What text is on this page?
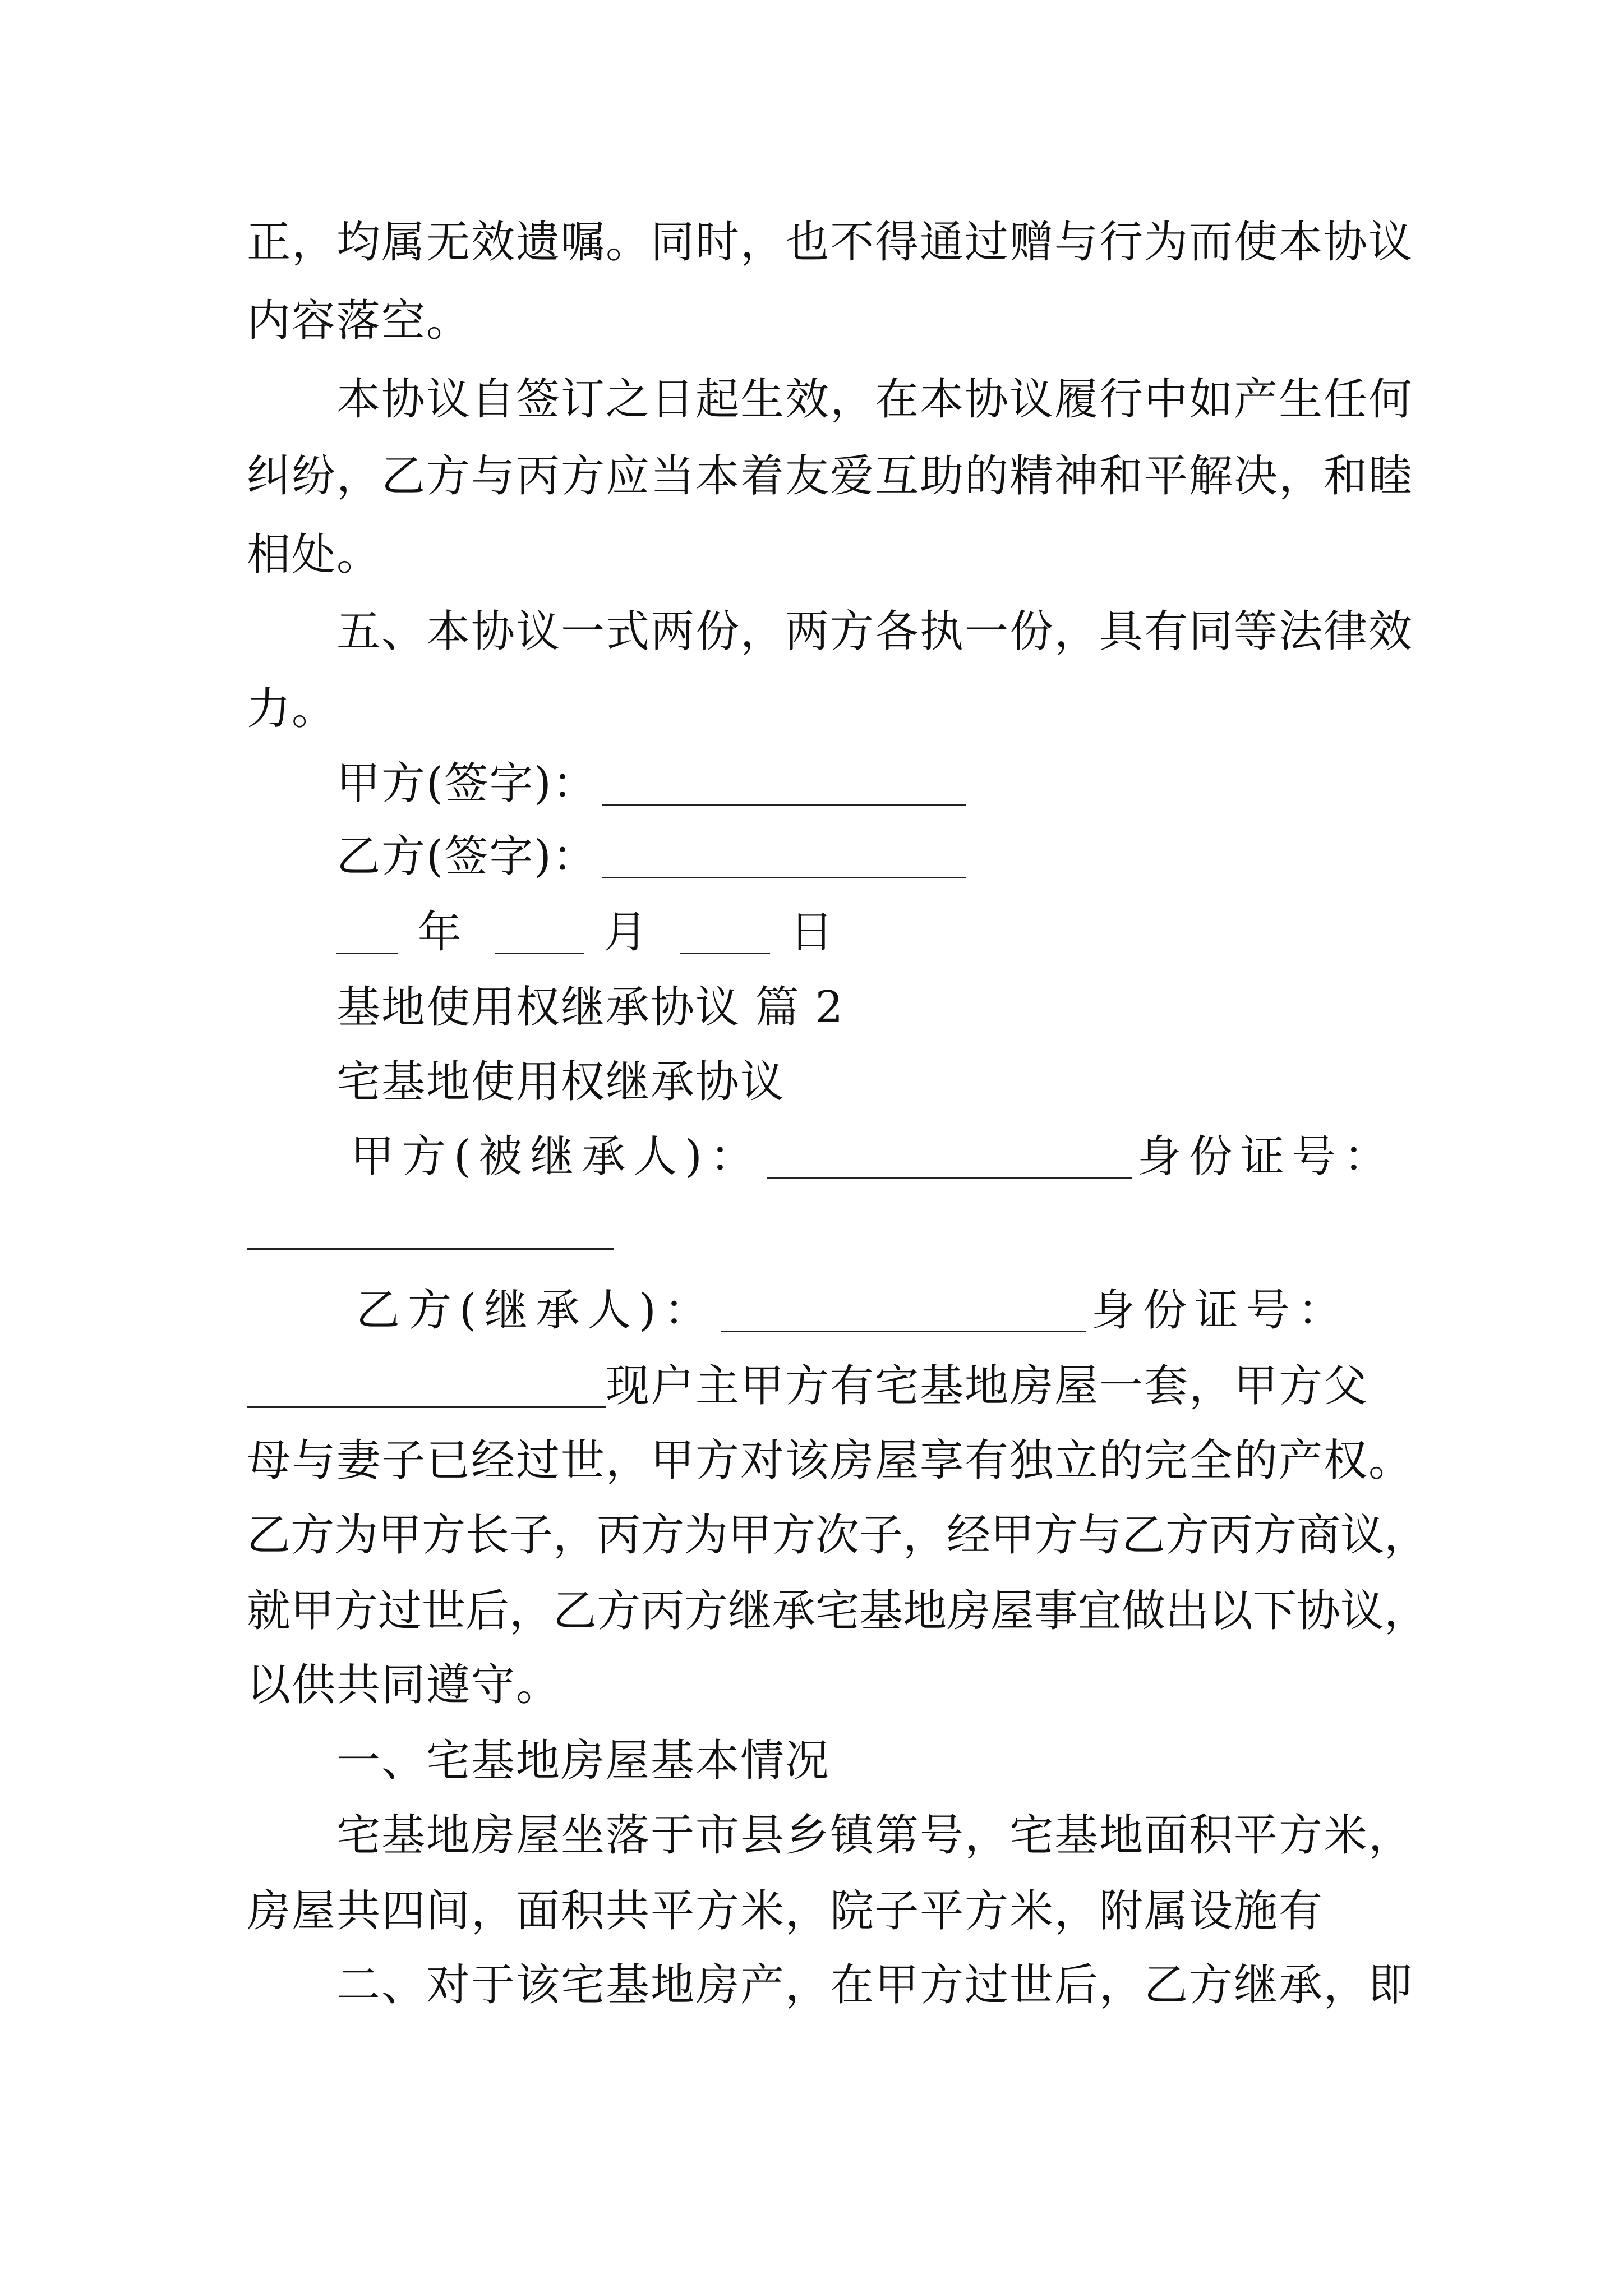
正，均属无效遗嘱。同时，也不得通过赠与行为而使本协议
内容落空。
本协议自签订之日起生效，在本协议履行中如产生任何
纠纷，乙方与丙方应当本着友爱互助的精神和平解决，和睦
相处。
五、本协议一式两份，两方各执一份，具有同等法律效
力。
甲方(签字)：
乙方(签字)：
年	月	日
基地使用权继承协议 篇 2
宅基地使用权继承协议
甲方(被继承人)：	身份证号：
乙方(继承人)：	身份证号：
现户主甲方有宅基地房屋一套，甲方父
母与妻子已经过世，甲方对该房屋享有独立的完全的产权。
乙方为甲方长子，丙方为甲方次子，经甲方与乙方丙方商议，
就甲方过世后，乙方丙方继承宅基地房屋事宜做出以下协议，
以供共同遵守。
一、宅基地房屋基本情况
宅基地房屋坐落于市县乡镇第号，宅基地面积平方米，
房屋共四间，面积共平方米，院子平方米，附属设施有
二、对于该宅基地房产，在甲方过世后，乙方继承，即
